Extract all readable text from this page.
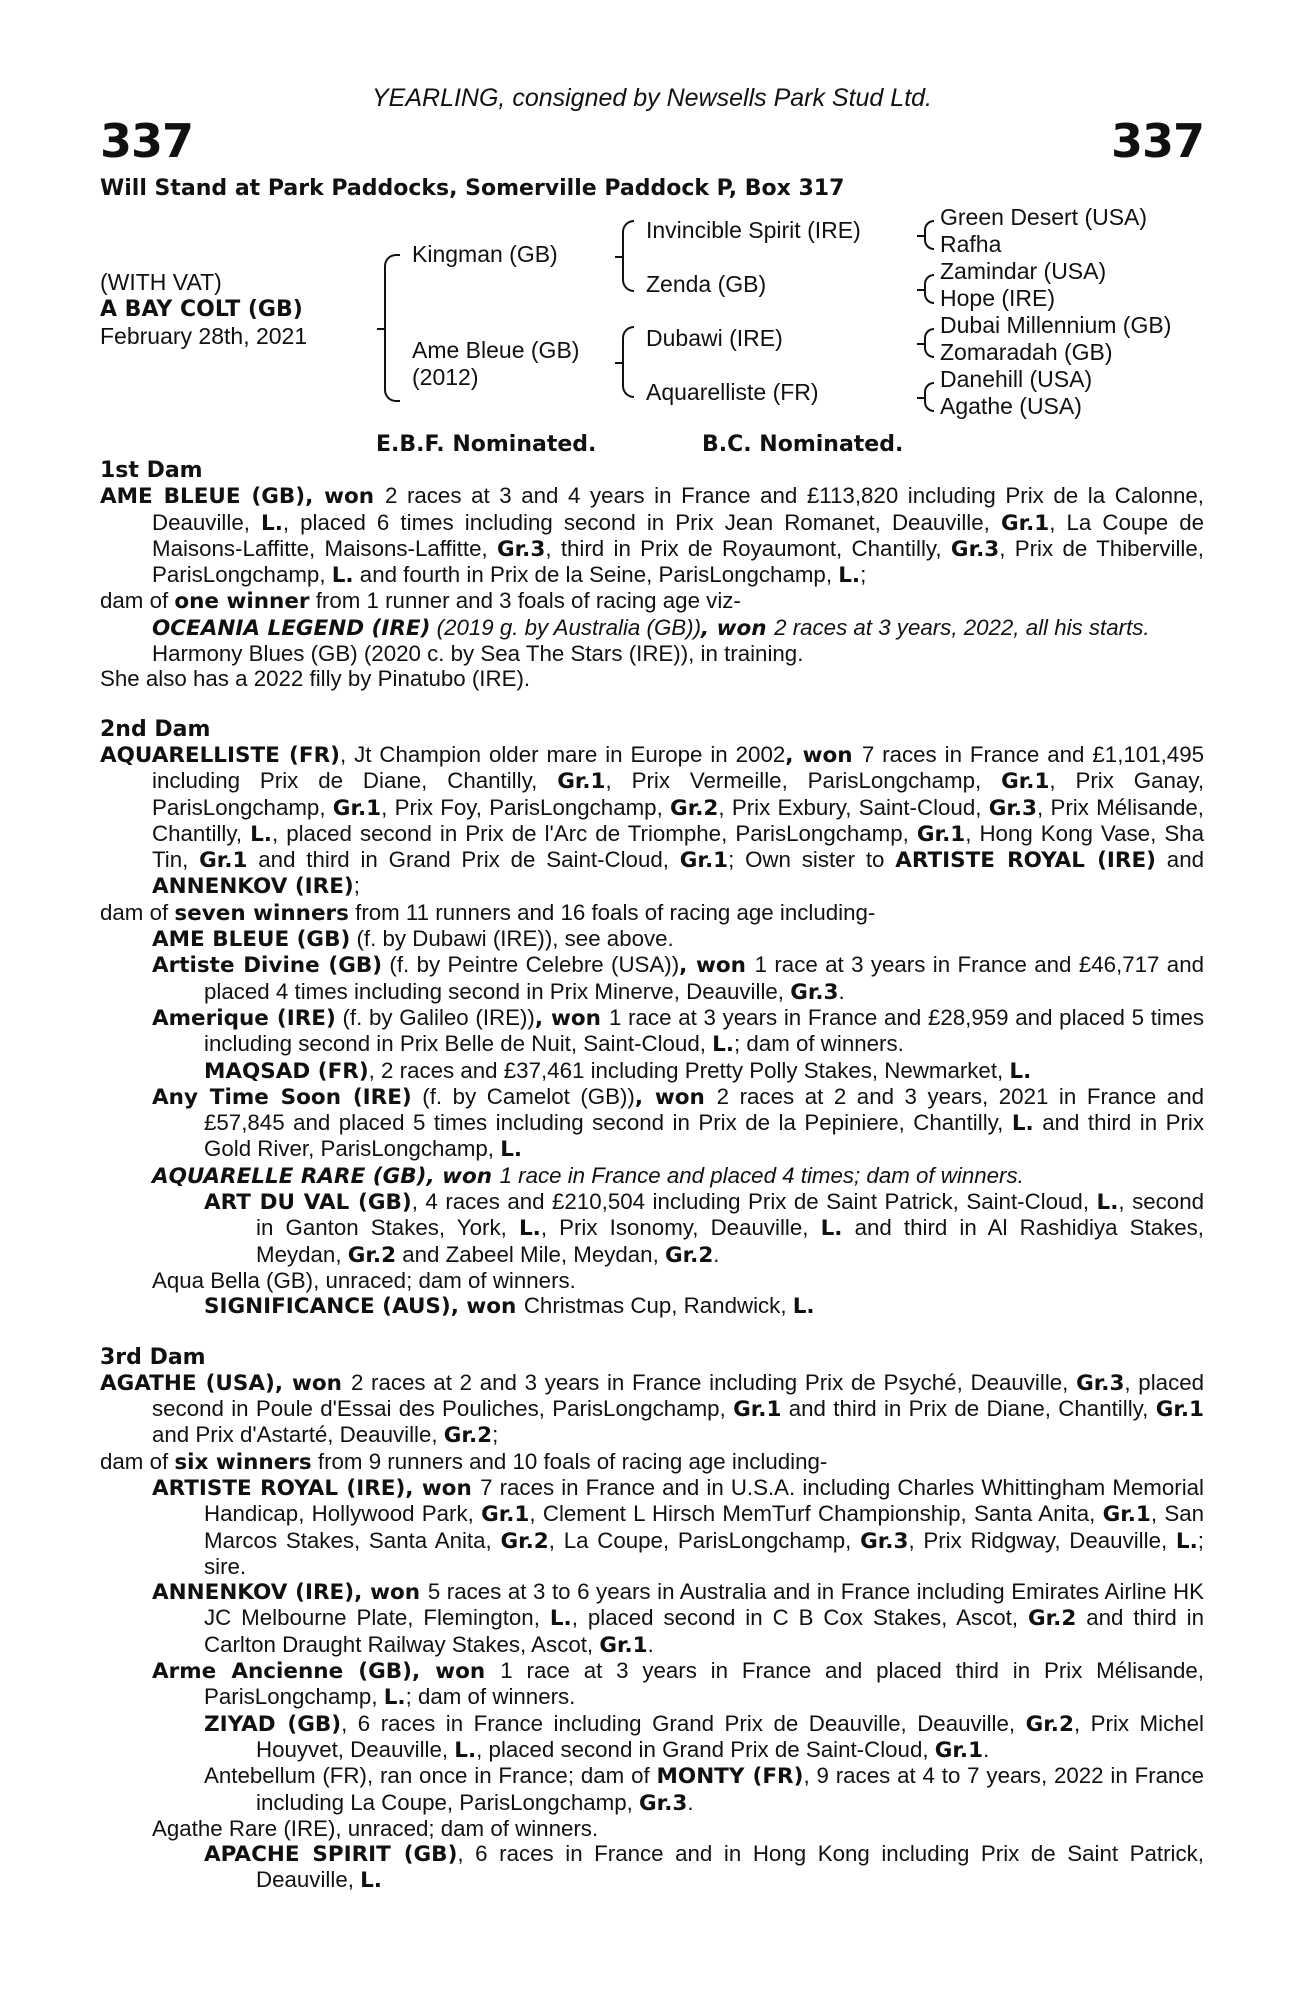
YEARLING, consigned by Newsells Park Stud Ltd.
337	337
Will Stand at Park Paddocks, Somerville Paddock P, Box 317
(WITH VAT)
A BAY COLT (GB)
February 28th, 2021
Kingman (GB)
Ame Bleue (GB)
(2012)
Invincible Spirit (IRE)
Zenda (GB)
Dubawi (IRE)
Aquarelliste (FR)
Green Desert (USA)
Rafha
Zamindar (USA)
Hope (IRE)
Dubai Millennium (GB)
Zomaradah (GB)
Danehill (USA)
Agathe (USA)
E.B.F. Nominated.	B.C. Nominated.
1st Dam
AME BLEUE (GB), won 2 races at 3 and 4 years in France and £113,820 including Prix de la Calonne, Deauville, L., placed 6 times including second in Prix Jean Romanet, Deauville, Gr.1, La Coupe de Maisons-Laffitte, Maisons-Laffitte, Gr.3, third in Prix de Royaumont, Chantilly, Gr.3, Prix de Thiberville, ParisLongchamp, L. and fourth in Prix de la Seine, ParisLongchamp, L.;
dam of one winner from 1 runner and 3 foals of racing age viz-
OCEANIA LEGEND (IRE) (2019 g. by Australia (GB)), won 2 races at 3 years, 2022, all his starts.
Harmony Blues (GB) (2020 c. by Sea The Stars (IRE)), in training.
She also has a 2022 filly by Pinatubo (IRE).
2nd Dam
AQUARELLISTE (FR), Jt Champion older mare in Europe in 2002, won 7 races in France and £1,101,495 including Prix de Diane, Chantilly, Gr.1, Prix Vermeille, ParisLongchamp, Gr.1, Prix Ganay, ParisLongchamp, Gr.1, Prix Foy, ParisLongchamp, Gr.2, Prix Exbury, Saint-Cloud, Gr.3, Prix Mélisande, Chantilly, L., placed second in Prix de l'Arc de Triomphe, ParisLongchamp, Gr.1, Hong Kong Vase, Sha Tin, Gr.1 and third in Grand Prix de Saint-Cloud, Gr.1; Own sister to ARTISTE ROYAL (IRE) and ANNENKOV (IRE);
dam of seven winners from 11 runners and 16 foals of racing age including-
AME BLEUE (GB) (f. by Dubawi (IRE)), see above.
Artiste Divine (GB) (f. by Peintre Celebre (USA)), won 1 race at 3 years in France and £46,717 and placed 4 times including second in Prix Minerve, Deauville, Gr.3.
Amerique (IRE) (f. by Galileo (IRE)), won 1 race at 3 years in France and £28,959 and placed 5 times including second in Prix Belle de Nuit, Saint-Cloud, L.; dam of winners.
MAQSAD (FR), 2 races and £37,461 including Pretty Polly Stakes, Newmarket, L.
Any Time Soon (IRE) (f. by Camelot (GB)), won 2 races at 2 and 3 years, 2021 in France and £57,845 and placed 5 times including second in Prix de la Pepiniere, Chantilly, L. and third in Prix Gold River, ParisLongchamp, L.
AQUARELLE RARE (GB), won 1 race in France and placed 4 times; dam of winners.
ART DU VAL (GB), 4 races and £210,504 including Prix de Saint Patrick, Saint-Cloud, L., second in Ganton Stakes, York, L., Prix Isonomy, Deauville, L. and third in Al Rashidiya Stakes, Meydan, Gr.2 and Zabeel Mile, Meydan, Gr.2.
Aqua Bella (GB), unraced; dam of winners.
SIGNIFICANCE (AUS), won Christmas Cup, Randwick, L.
3rd Dam
AGATHE (USA), won 2 races at 2 and 3 years in France including Prix de Psyché, Deauville, Gr.3, placed second in Poule d'Essai des Pouliches, ParisLongchamp, Gr.1 and third in Prix de Diane, Chantilly, Gr.1 and Prix d'Astarté, Deauville, Gr.2;
dam of six winners from 9 runners and 10 foals of racing age including-
ARTISTE ROYAL (IRE), won 7 races in France and in U.S.A. including Charles Whittingham Memorial Handicap, Hollywood Park, Gr.1, Clement L Hirsch MemTurf Championship, Santa Anita, Gr.1, San Marcos Stakes, Santa Anita, Gr.2, La Coupe, ParisLongchamp, Gr.3, Prix Ridgway, Deauville, L.; sire.
ANNENKOV (IRE), won 5 races at 3 to 6 years in Australia and in France including Emirates Airline HK JC Melbourne Plate, Flemington, L., placed second in C B Cox Stakes, Ascot, Gr.2 and third in Carlton Draught Railway Stakes, Ascot, Gr.1.
Arme Ancienne (GB), won 1 race at 3 years in France and placed third in Prix Mélisande, ParisLongchamp, L.; dam of winners.
ZIYAD (GB), 6 races in France including Grand Prix de Deauville, Deauville, Gr.2, Prix Michel Houyvet, Deauville, L., placed second in Grand Prix de Saint-Cloud, Gr.1.
Antebellum (FR), ran once in France; dam of MONTY (FR), 9 races at 4 to 7 years, 2022 in France including La Coupe, ParisLongchamp, Gr.3.
Agathe Rare (IRE), unraced; dam of winners.
APACHE SPIRIT (GB), 6 races in France and in Hong Kong including Prix de Saint Patrick, Deauville, L.
